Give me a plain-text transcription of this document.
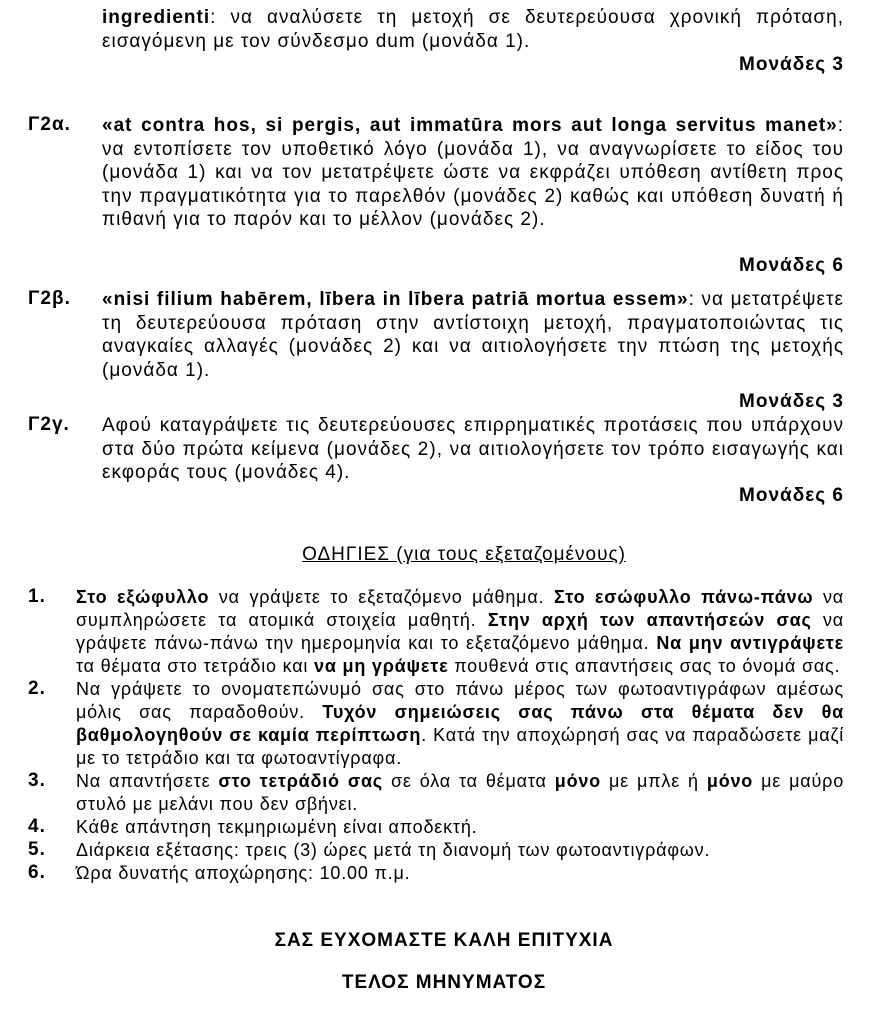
ingredienti: να αναλύσετε τη μετοχή σε δευτερεύουσα χρονική πρόταση, εισαγόμενη με τον σύνδεσμο dum (μονάδα 1).
Μονάδες 3
Γ2α. «at contra hos, si pergis, aut immatūra mors aut longa servitus manet»: να εντοπίσετε τον υποθετικό λόγο (μονάδα 1), να αναγνωρίσετε το είδος του (μονάδα 1) και να τον μετατρέψετε ώστε να εκφράζει υπόθεση αντίθετη προς την πραγματικότητα για το παρελθόν (μονάδες 2) καθώς και υπόθεση δυνατή ή πιθανή για το παρόν και το μέλλον (μονάδες 2).
Μονάδες 6
Γ2β. «nisi filium habērem, lībera in lībera patriā mortua essem»: να μετατρέψετε τη δευτερεύουσα πρόταση στην αντίστοιχη μετοχή, πραγματοποιώντας τις αναγκαίες αλλαγές (μονάδες 2) και να αιτιολογήσετε την πτώση της μετοχής (μονάδα 1).
Μονάδες 3
Γ2γ. Αφού καταγράψετε τις δευτερεύουσες επιρρηματικές προτάσεις που υπάρχουν στα δύο πρώτα κείμενα (μονάδες 2), να αιτιολογήσετε τον τρόπο εισαγωγής και εκφοράς τους (μονάδες 4).
Μονάδες 6
ΟΔΗΓΙΕΣ (για τους εξεταζομένους)
1. Στο εξώφυλλο να γράψετε το εξεταζόμενο μάθημα. Στο εσώφυλλο πάνω-πάνω να συμπληρώσετε τα ατομικά στοιχεία μαθητή. Στην αρχή των απαντήσεών σας να γράψετε πάνω-πάνω την ημερομηνία και το εξεταζόμενο μάθημα. Να μην αντιγράψετε τα θέματα στο τετράδιο και να μη γράψετε πουθενά στις απαντήσεις σας το όνομά σας.
2. Να γράψετε το ονοματεπώνυμό σας στο πάνω μέρος των φωτοαντιγράφων αμέσως μόλις σας παραδοθούν. Τυχόν σημειώσεις σας πάνω στα θέματα δεν θα βαθμολογηθούν σε καμία περίπτωση. Κατά την αποχώρησή σας να παραδώσετε μαζί με το τετράδιο και τα φωτοαντίγραφα.
3. Να απαντήσετε στο τετράδιό σας σε όλα τα θέματα μόνο με μπλε ή μόνο με μαύρο στυλό με μελάνι που δεν σβήνει.
4. Κάθε απάντηση τεκμηριωμένη είναι αποδεκτή.
5. Διάρκεια εξέτασης: τρεις (3) ώρες μετά τη διανομή των φωτοαντιγράφων.
6. Ώρα δυνατής αποχώρησης: 10.00 π.μ.
ΣΑΣ ΕΥΧΟΜΑΣΤΕ ΚΑΛΗ ΕΠΙΤΥΧΙΑ
ΤΕΛΟΣ ΜΗΝΥΜΑΤΟΣ
